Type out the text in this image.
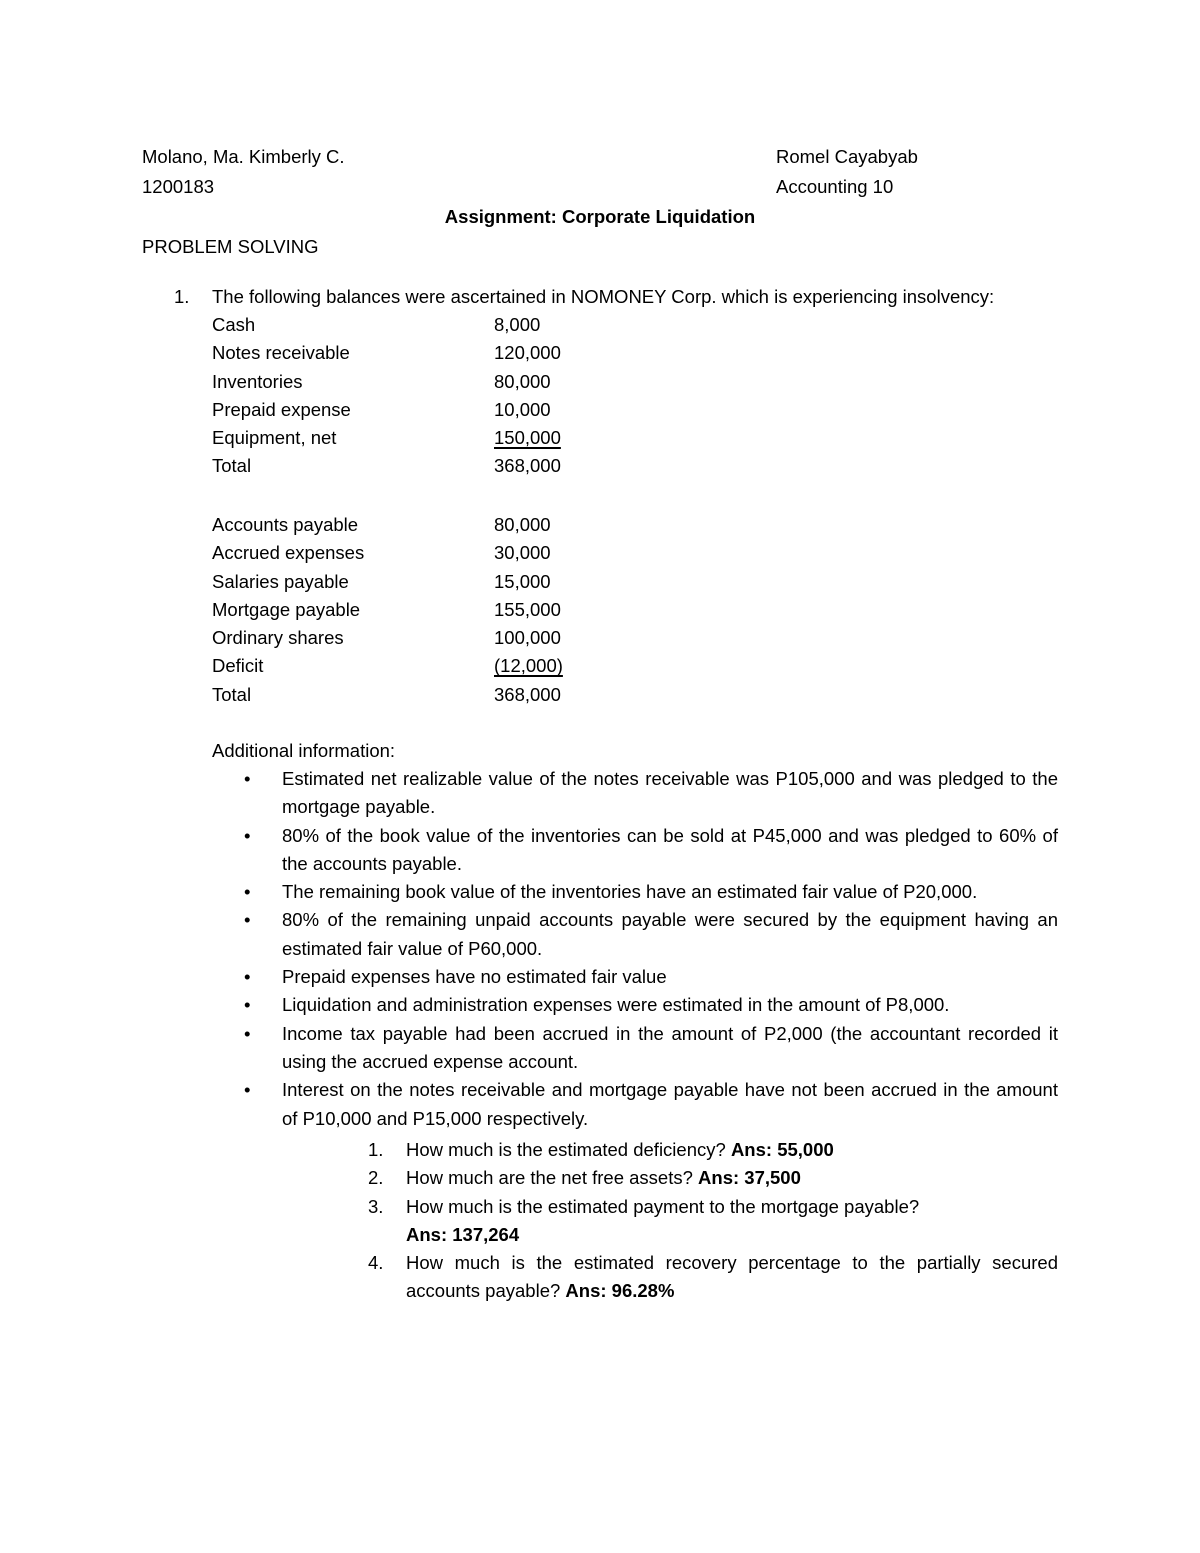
Molano, Ma. Kimberly C.	Romel Cayabyab
1200183	Accounting 10
Assignment: Corporate Liquidation
PROBLEM SOLVING
1. The following balances were ascertained in NOMONEY Corp. which is experiencing insolvency:
Cash	8,000
Notes receivable	120,000
Inventories	80,000
Prepaid expense	10,000
Equipment, net	150,000
Total	368,000
Accounts payable	80,000
Accrued expenses	30,000
Salaries payable	15,000
Mortgage payable	155,000
Ordinary shares	100,000
Deficit	(12,000)
Total	368,000
Additional information:
• Estimated net realizable value of the notes receivable was P105,000 and was pledged to the mortgage payable.
• 80% of the book value of the inventories can be sold at P45,000 and was pledged to 60% of the accounts payable.
• The remaining book value of the inventories have an estimated fair value of P20,000.
• 80% of the remaining unpaid accounts payable were secured by the equipment having an estimated fair value of P60,000.
• Prepaid expenses have no estimated fair value
• Liquidation and administration expenses were estimated in the amount of P8,000.
• Income tax payable had been accrued in the amount of P2,000 (the accountant recorded it using the accrued expense account.
• Interest on the notes receivable and mortgage payable have not been accrued in the amount of P10,000 and P15,000 respectively.
1. How much is the estimated deficiency? Ans: 55,000
2. How much are the net free assets? Ans: 37,500
3. How much is the estimated payment to the mortgage payable?
Ans: 137,264
4. How much is the estimated recovery percentage to the partially secured accounts payable? Ans: 96.28%
